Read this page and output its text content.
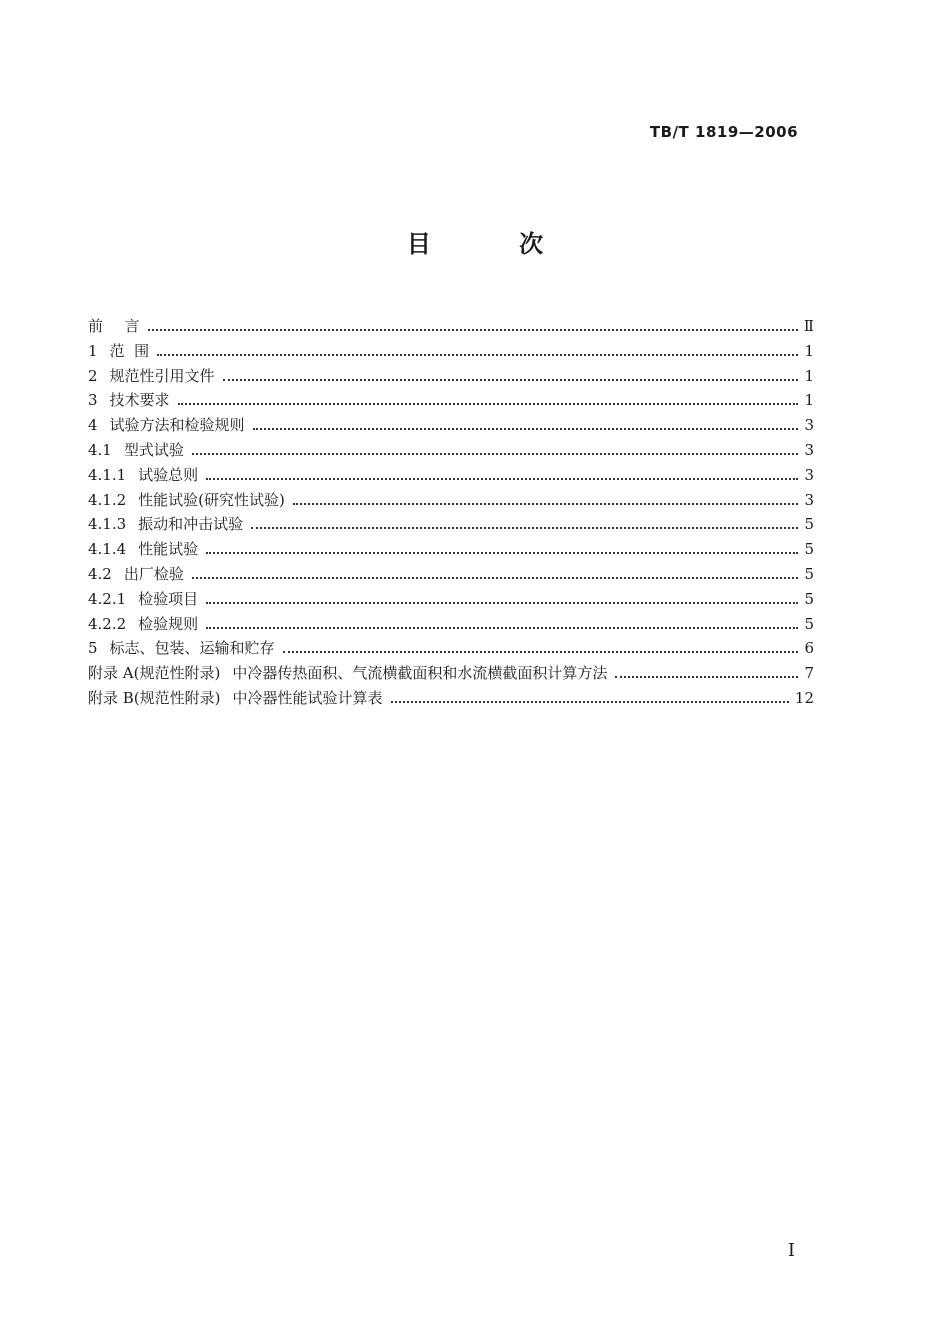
TB/T 1819—2006
目 次
前 言	Ⅱ
1 范  围	1
2 规范性引用文件	1
3 技术要求	1
4 试验方法和检验规则	3
4.1 型式试验	3
4.1.1 试验总则	3
4.1.2 性能试验(研究性试验)	3
4.1.3 振动和冲击试验	5
4.1.4 性能试验	5
4.2 出厂检验	5
4.2.1 检验项目	5
4.2.2 检验规则	5
5 标志、包装、运输和贮存	6
附录 A(规范性附录) 中冷器传热面积、气流横截面积和水流横截面积计算方法	7
附录 B(规范性附录) 中冷器性能试验计算表	12
Ⅰ
